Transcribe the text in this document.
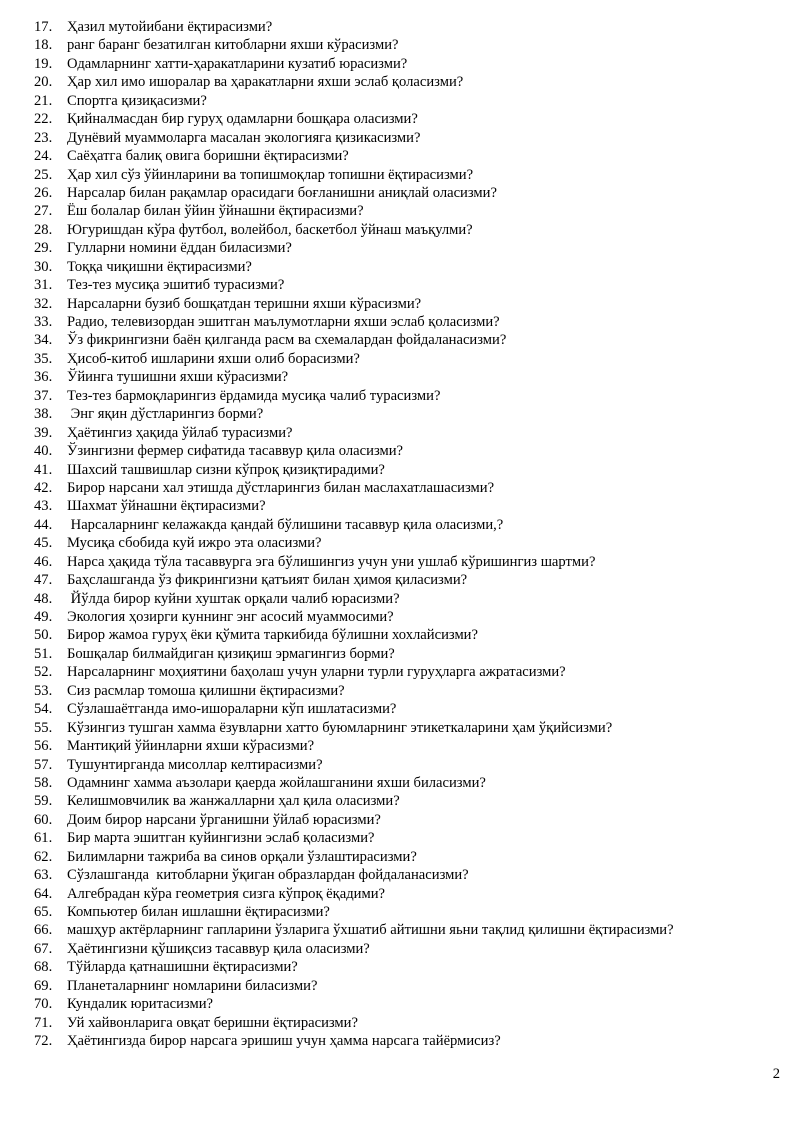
17.	Ҳазил мутойибани ёқтирасизми?
18.	ранг баранг безатилган китобларни яхши кўрасизми?
19.	Одамларнинг хатти-ҳаракатларини кузатиб юрасизми?
20.	Ҳар хил имо ишоралар ва ҳаракатларни яхши эслаб қоласизми?
21.	Спортга қизиқасизми?
22.	Қийналмасдан бир гуруҳ одамларни бошқара оласизми?
23.	Дунёвий муаммоларга масалан экологияга қизикасизми?
24.	Саёҳатга балиқ овига боришни ёқтирасизми?
25.	Ҳар хил сўз ўйинларини ва топишмоқлар топишни ёқтирасизми?
26.	Нарсалар билан рақамлар орасидаги боғланишни аниқлай оласизми?
27.	Ёш болалар билан ўйин ўйнашни ёқтирасизми?
28.	Югуришдан кўра футбол, волейбол, баскетбол ўйнаш маъқулми?
29.	Гулларни номини ёддан биласизми?
30.	Тоққа чиқишни ёқтирасизми?
31.	Тез-тез мусиқа эшитиб турасизми?
32.	Нарсаларни бузиб бошқатдан теришни яхши кўрасизми?
33.	Радио, телевизордан эшитган маълумотларни яхши эслаб қоласизми?
34.	Ўз фикрингизни баён қилганда расм ва схемалардан фойдаланасизми?
35.	Ҳисоб-китоб ишларини яхши олиб борасизми?
36.	Ўйинга тушишни яхши кўрасизми?
37.	Тез-тез бармоқларингиз ёрдамида мусиқа чалиб турасизми?
38.	Энг яқин дўстларингиз борми?
39.	Ҳаётингиз ҳақида ўйлаб турасизми?
40.	Ўзингизни фермер сифатида тасаввур қила оласизми?
41.	Шахсий ташвишлар сизни кўпроқ қизиқтирадими?
42.	Бирор нарсани хал этишда дўстларингиз билан маслахатлашасизми?
43.	Шахмат ўйнашни ёқтирасизми?
44.	Нарсаларнинг келажакда қандай бўлишини тасаввур қила оласизми,?
45.	Мусиқа сбобида куй ижро эта оласизми?
46.	Нарса ҳақида тўла тасаввурга эга бўлишингиз учун уни ушлаб кўришингиз шартми?
47.	Баҳслашганда ўз фикрингизни қатъият билан ҳимоя қиласизми?
48.	Йўлда бирор куйни хуштак орқали чалиб юрасизми?
49.	Экология ҳозирги куннинг энг асосий муаммосими?
50.	Бирор жамоа гуруҳ ёки қўмита таркибида бўлишни хохлайсизми?
51.	Бошқалар билмайдиган қизиқиш эрмагингиз борми?
52.	Нарсаларнинг моҳиятини баҳолаш учун уларни турли гуруҳларга ажратасизми?
53.	Сиз расмлар томоша қилишни ёқтирасизми?
54.	Сўзлашаётганда имо-ишораларни кўп ишлатасизми?
55.	Кўзингиз тушган хамма ёзувларни хатто буюмларнинг этикеткаларини ҳам ўқийсизми?
56.	Мантиқий ўйинларни яхши кўрасизми?
57.	Тушунтирганда мисоллар келтирасизми?
58.	Одамнинг хамма аъзолари қаерда жойлашганини яхши биласизми?
59.	Келишмовчилик ва жанжалларни ҳал қила оласизми?
60.	Доим бирор нарсани ўрганишни ўйлаб юрасизми?
61.	Бир марта эшитган куйингизни эслаб қоласизми?
62.	Билимларни тажриба ва синов орқали ўзлаштирасизми?
63.	Сўзлашганда  китобларни ўқиган образлардан фойдаланасизми?
64.	Алгебрадан кўра геометрия сизга кўпроқ ёқадими?
65.	Компьютер билан ишлашни ёқтирасизми?
66.	машҳур актёрларнинг гапларини ўзларига ўхшатиб айтишни яьни тақлид қилишни ёқтирасизми?
67.	Ҳаётингизни қўшиқсиз тасаввур қила оласизми?
68.	Тўйларда қатнашишни ёқтирасизми?
69.	Планеталарнинг номларини биласизми?
70.	Кундалик юритасизми?
71.	Уй хайвонларига овқат беришни ёқтирасизми?
72.	Ҳаётингизда бирор нарсага эришиш учун ҳамма нарсага тайёрмисиз?
2
